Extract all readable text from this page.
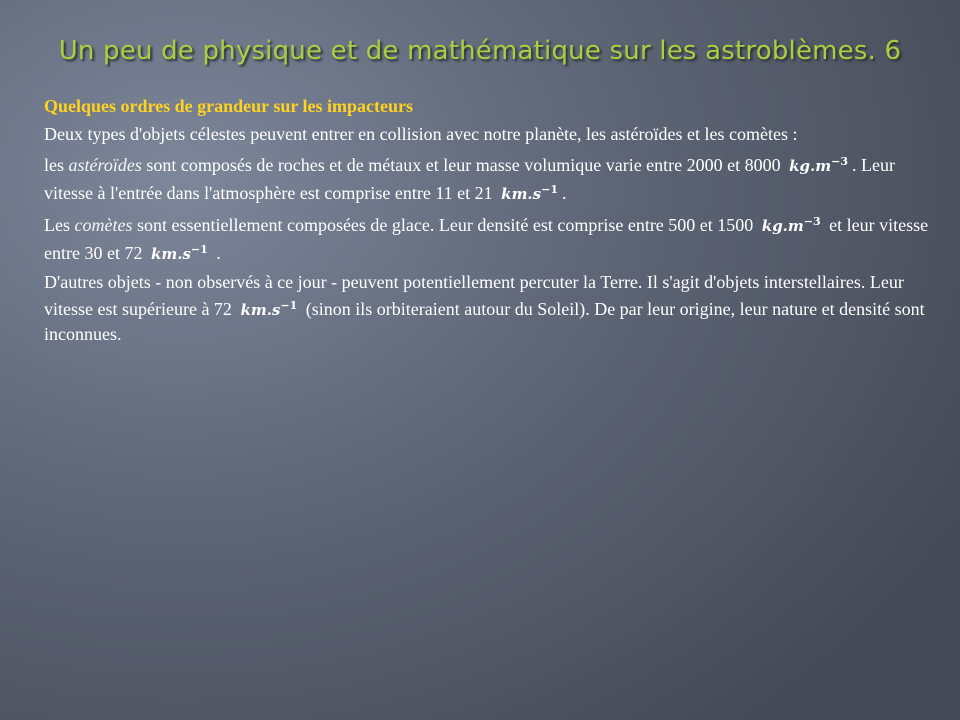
Un peu de physique et de mathématique sur les astroblèmes. 6
Quelques ordres de grandeur sur les impacteurs
Deux types d'objets célestes peuvent entrer en collision avec notre planète, les astéroïdes et les comètes :
les astéroïdes sont composés de roches et de métaux et leur masse volumique varie entre 2000 et 8000 $kg.m^{-3}$ . Leur vitesse à l'entrée dans l'atmosphère est comprise entre 11 et 21 $km.s^{-1}$ .
Les comètes sont essentiellement composées de glace. Leur densité est comprise entre 500 et 1500 $kg.m^{-3}$ et leur vitesse entre 30 et 72 $km.s^{-1}$ .
D'autres objets - non observés à ce jour - peuvent potentiellement percuter la Terre. Il s'agit d'objets interstellaires. Leur vitesse est supérieure à 72 $km.s^{-1}$ (sinon ils orbiteraient autour du Soleil). De par leur origine, leur nature et densité sont inconnues.
